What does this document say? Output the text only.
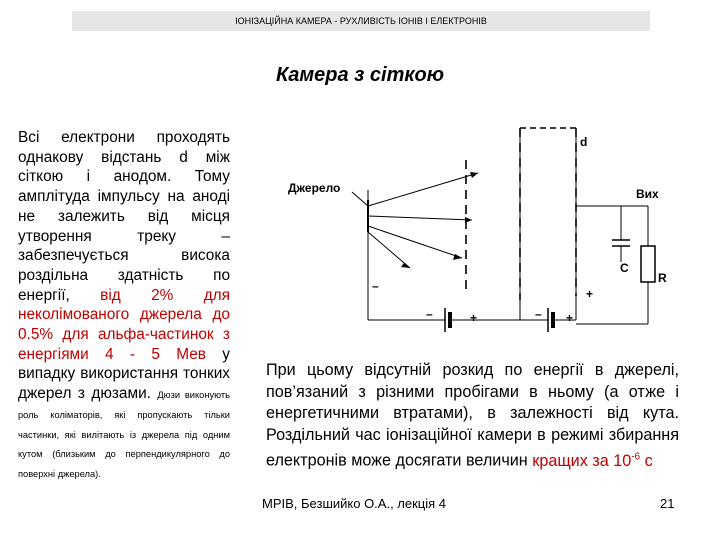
ІОНІЗАЦІЙНА КАМЕРА - РУХЛИВІСТЬ ІОНІВ І ЕЛЕКТРОНІВ
Камера з сіткою
Всі електрони проходять однакову відстань d між сіткою і анодом. Тому амплітуда імпульсу на аноді не залежить від місця утворення треку – забезпечується висока роздільна здатність по енергії, від 2% для неколімованого джерела до 0.5% для альфа-частинок з енергіями 4 - 5 Мев у випадку використання тонких джерел з дюзами. Дюзи виконують роль коліматорів, які пропускають тільки частинки, які вилітають із джерела під одним кутом (близьким до перпендикулярного до поверхні джерела).
При цьому відсутній розкид по енергії в джерелі, пов’язаний з різними пробігами в ньому (а отже і енергетичними втратами), в залежності від кута. Роздільний час іонізаційної камери в режимі збирання електронів може досягати величин кращих за $10^{-6}$ с
МРІВ, Безшийко О.А., лекція 4	21
d
Джерело	Вих
C
R
–
+
–	+	– +
